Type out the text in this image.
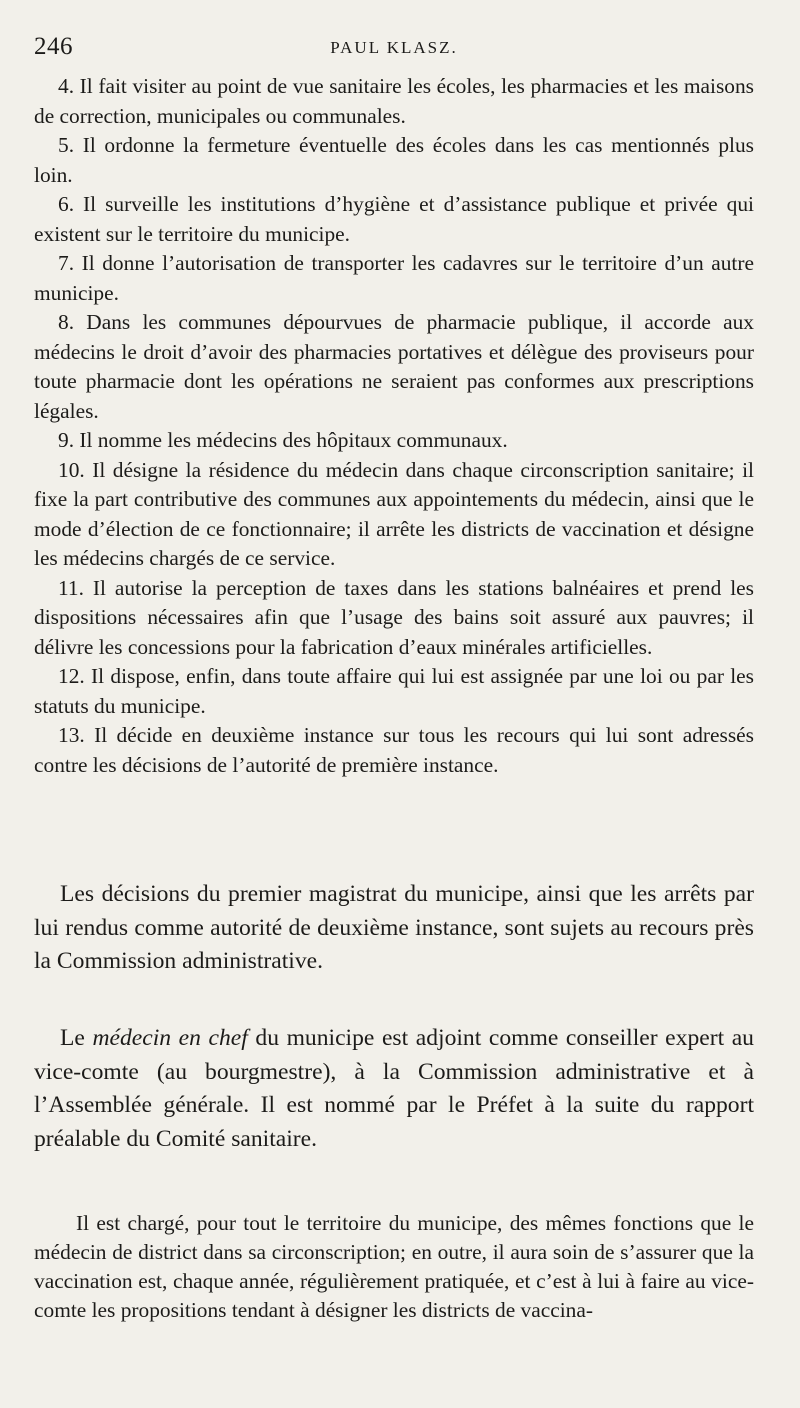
246	PAUL KLASZ.

4. Il fait visiter au point de vue sanitaire les écoles, les pharmacies et les maisons de correction, municipales ou communales.

5. Il ordonne la fermeture éventuelle des écoles dans les cas mentionnés plus loin.

6. Il surveille les institutions d’hygiène et d’assistance publique et privée qui existent sur le territoire du municipe.

7. Il donne l’autorisation de transporter les cadavres sur le territoire d’un autre municipe.

8. Dans les communes dépourvues de pharmacie publique, il accorde aux médecins le droit d’avoir des pharmacies portatives et délègue des proviseurs pour toute pharmacie dont les opérations ne seraient pas conformes aux prescriptions légales.

9. Il nomme les médecins des hôpitaux communaux.

10. Il désigne la résidence du médecin dans chaque circonscription sanitaire; il fixe la part contributive des communes aux appointements du médecin, ainsi que le mode d’élection de ce fonctionnaire; il arrête les districts de vaccination et désigne les médecins chargés de ce service.

11. Il autorise la perception de taxes dans les stations balnéaires et prend les dispositions nécessaires afin que l’usage des bains soit assuré aux pauvres; il délivre les concessions pour la fabrication d’eaux minérales artificielles.

12. Il dispose, enfin, dans toute affaire qui lui est assignée par une loi ou par les statuts du municipe.

13. Il décide en deuxième instance sur tous les recours qui lui sont adressés contre les décisions de l’autorité de première instance.

Les décisions du premier magistrat du municipe, ainsi que les arrêts par lui rendus comme autorité de deuxième instance, sont sujets au recours près la Commission administrative.

Le médecin en chef du municipe est adjoint comme conseiller expert au vice-comte (au bourgmestre), à la Commission administrative et à l’Assemblée générale. Il est nommé par le Préfet à la suite du rapport préalable du Comité sanitaire.

Il est chargé, pour tout le territoire du municipe, des mêmes fonctions que le médecin de district dans sa circonscription; en outre, il aura soin de s’assurer que la vaccination est, chaque année, régulièrement pratiquée, et c’est à lui à faire au vice-comte les propositions tendant à désigner les districts de vaccina-
